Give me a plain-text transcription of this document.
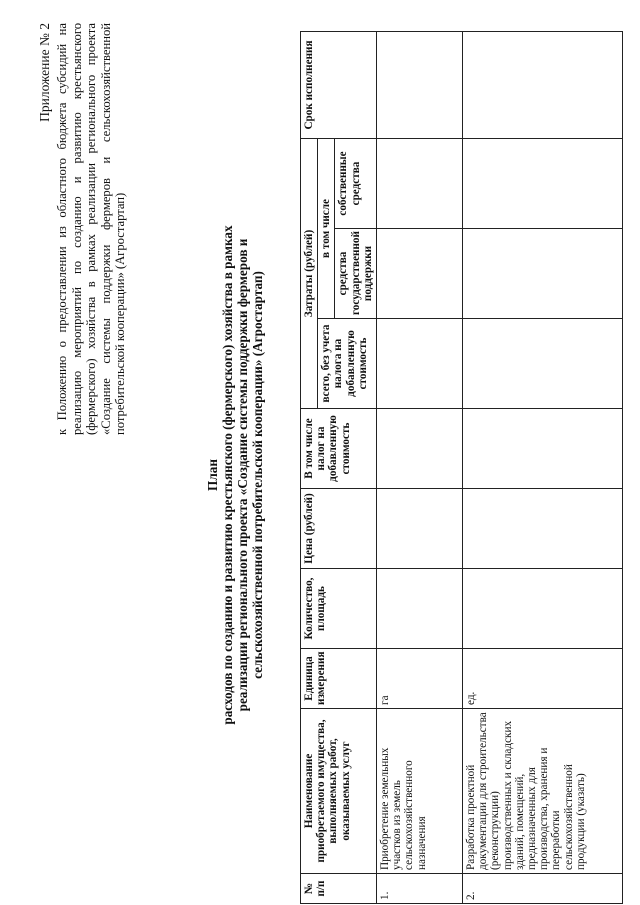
Приложение № 2 к Положению о предоставлении из областного бюджета субсидий на реализацию мероприятий по созданию и развитию крестьянского (фермерского) хозяйства в рамках реализации регионального проекта «Создание системы поддержки фермеров и сельскохозяйственной потребительской кооперации» (Агростартап)
План расходов по созданию и развитию крестьянского (фермерского) хозяйства в рамках реализации регионального проекта «Создание системы поддержки фермеров и сельскохозяйственной потребительской кооперации» (Агростартап)
№ п/п	Наименование приобретаемого имущества, выполняемых работ, оказываемых услуг	Единица измерения	Количество, площадь	Цена (рублей)	В том числе налог на добавленную стоимость	Затраты (рублей)			Срок исполнения
						всего, без учета налога на добавленную стоимость	в том числе		
							средства государственной поддержки	собственные средства	
1.	Приобретение земельных участков из земель сельскохозяйственного назначения	га							
2.	Разработка проектной документации для строительства (реконструкции) производственных и складских зданий, помещений, предназначенных для производства, хранения и переработки сельскохозяйственной продукции (указать)	ед.							
